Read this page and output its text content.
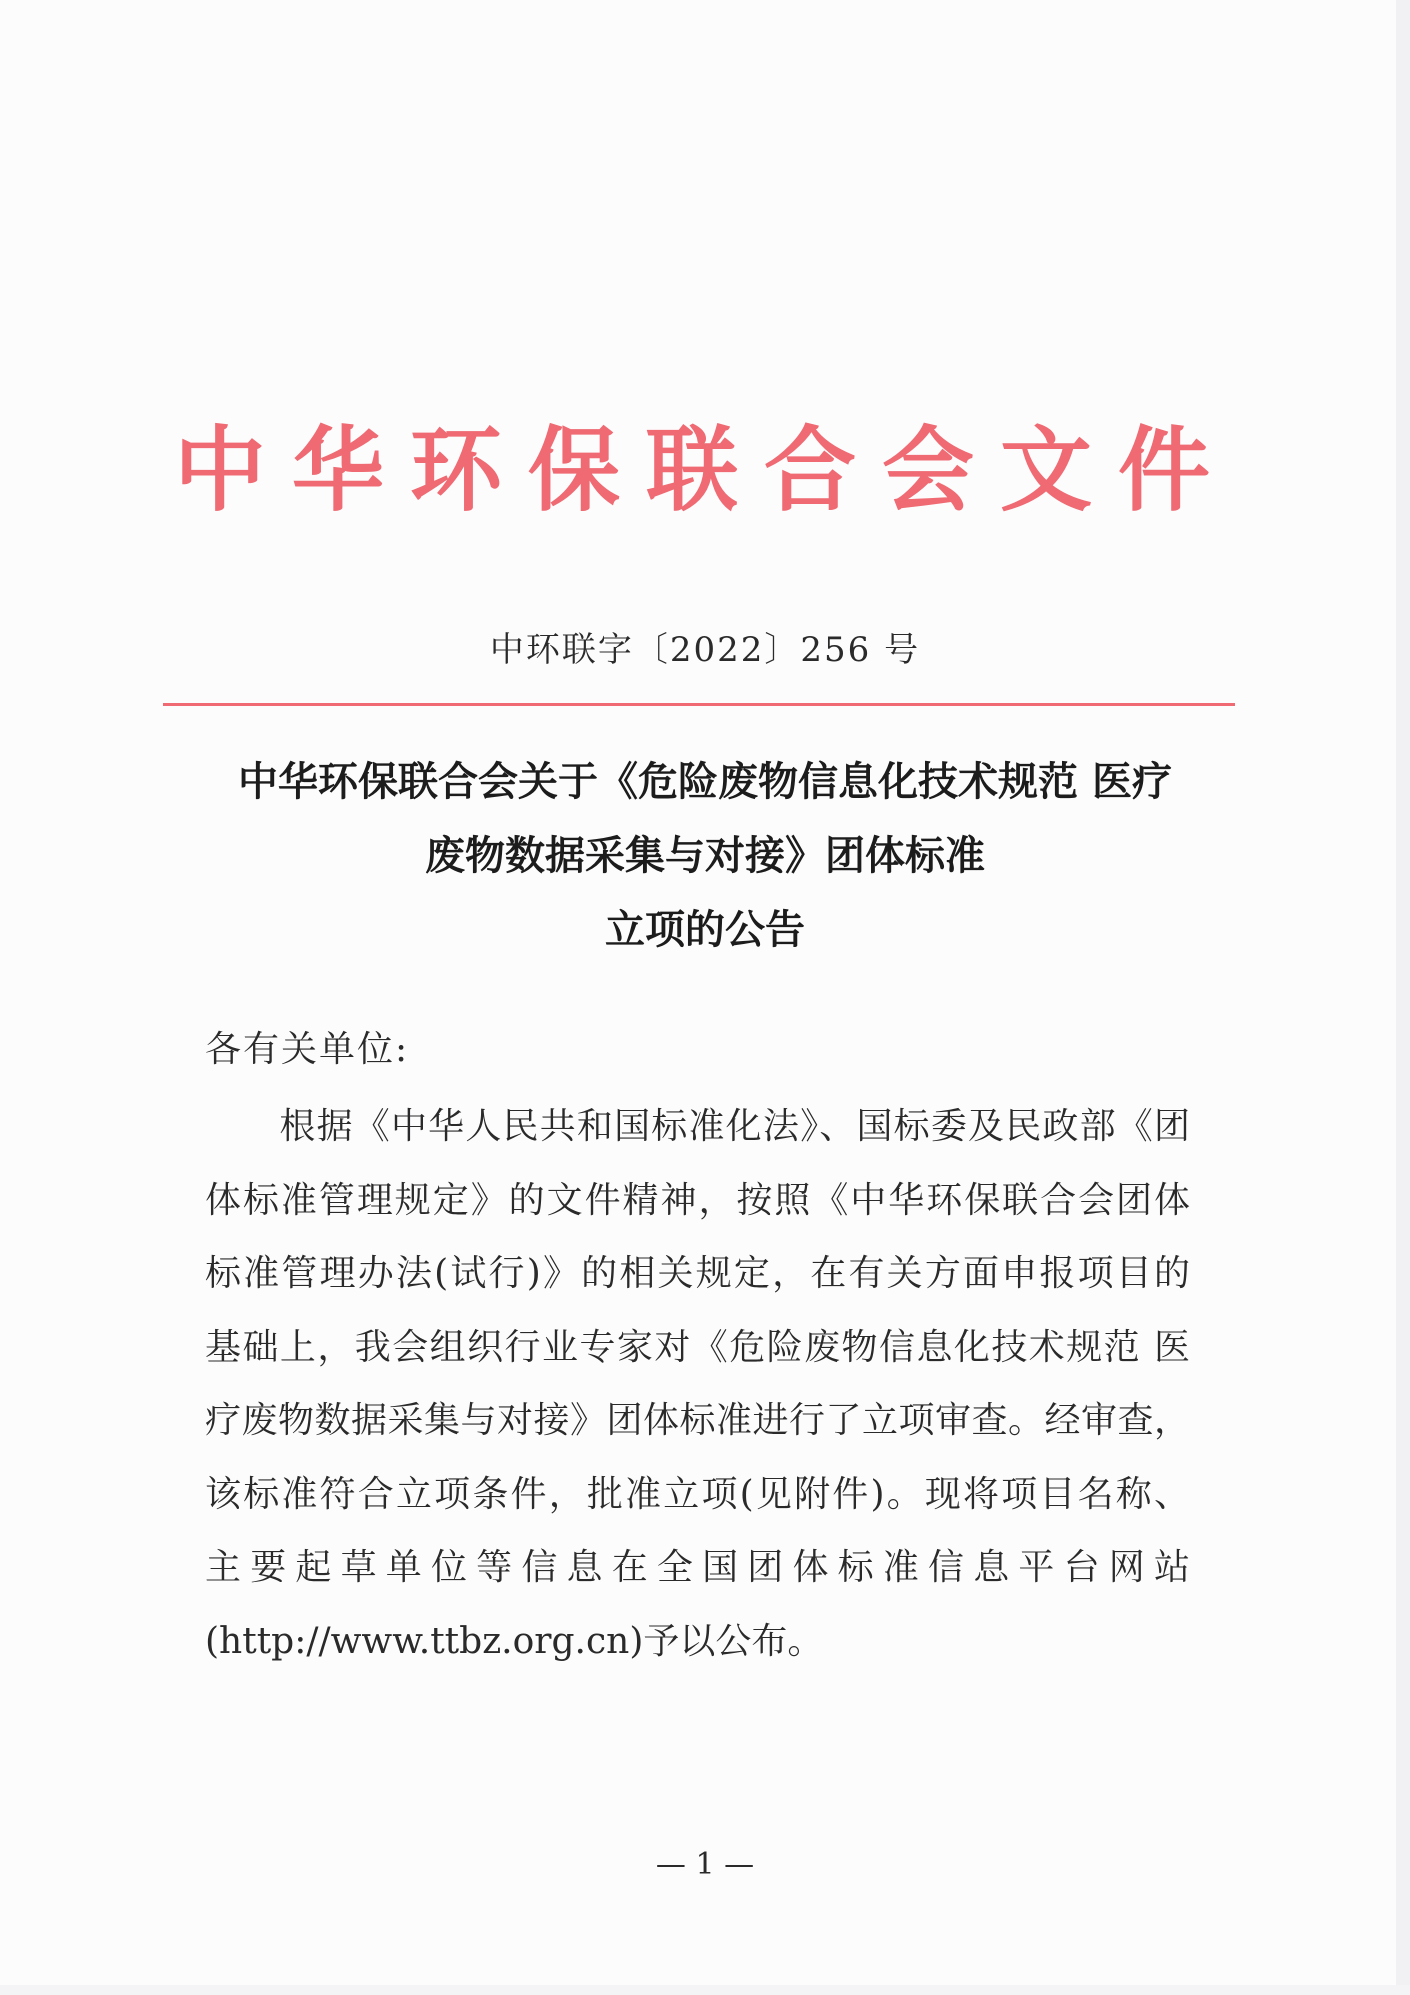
中华环保联合会文件
中环联字〔2022〕256 号
中华环保联合会关于《危险废物信息化技术规范 医疗
废物数据采集与对接》团体标准
立项的公告
各有关单位:
　　根据《中华人民共和国标准化法》、国标委及民政部《团
体标准管理规定》的文件精神，按照《中华环保联合会团体
标准管理办法(试行)》的相关规定，在有关方面申报项目的
基础上，我会组织行业专家对《危险废物信息化技术规范 医
疗废物数据采集与对接》团体标准进行了立项审查。经审查，
该标准符合立项条件，批准立项(见附件)。现将项目名称、
主要起草单位等信息在全国团体标准信息平台网站
(http://www.ttbz.org.cn)予以公布。
— 1 —
